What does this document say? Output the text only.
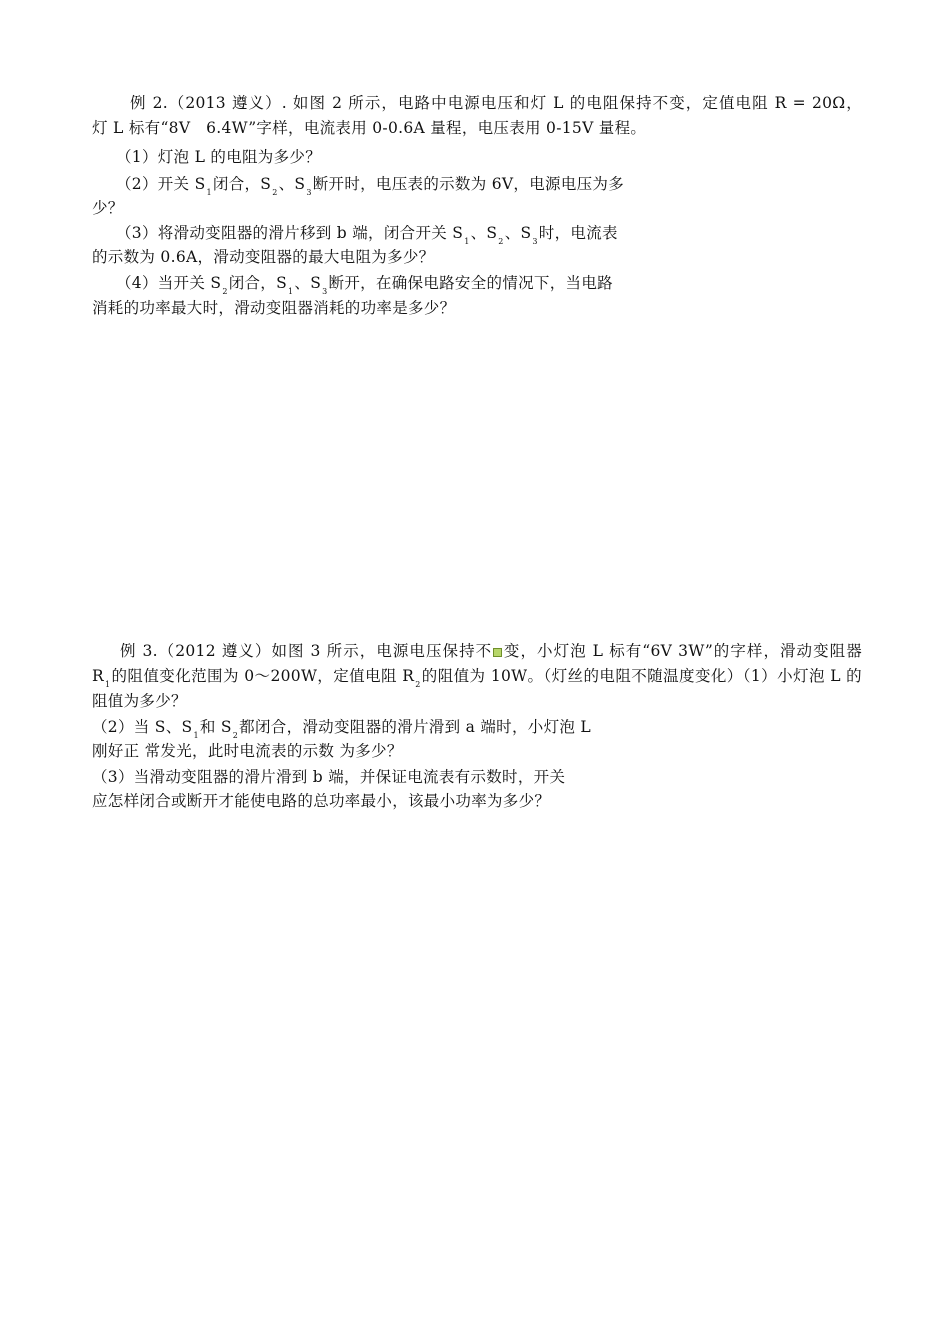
例 2.（2013 遵义）. 如图 2 所示，电路中电源电压和灯 L 的电阻保持不变，定值电阻 R = 20Ω，
灯 L 标有“8V　6.4W”字样，电流表用 0-0.6A 量程，电压表用 0-15V 量程。
（1）灯泡 L 的电阻为多少？
（2）开关 $S_1$闭合，$S_2$、$S_3$断开时，电压表的示数为 6V，电源电压为多
少？
（3）将滑动变阻器的滑片移到 b 端，闭合开关 $S_1$、$S_2$、$S_3$时，电流表
的示数为 0.6A，滑动变阻器的最大电阻为多少？
（4）当开关 $S_2$闭合，$S_1$、$S_3$断开，在确保电路安全的情况下，当电路
消耗的功率最大时，滑动变阻器消耗的功率是多少？
例 3.（2012 遵义）如图 3 所示，电源电压保持不 变，小灯泡 L 标有“6V 3W”的字样，滑动变阻器
$R_1$的阻值变化范围为 0～200W，定值电阻 $R_2$的阻值为 10W。（灯丝的电阻不随温度变化）（1）小灯泡 L 的
阻值为多少？
（2）当 S、$S_1$和 $S_2$都闭合，滑动变阻器的滑片滑到 a 端时，小灯泡 L
刚好正 常发光，此时电流表的示数 为多少？
（3）当滑动变阻器的滑片滑到 b 端，并保证电流表有示数时，开关
应怎样闭合或断开才能使电路的总功率最小，该最小功率为多少？
